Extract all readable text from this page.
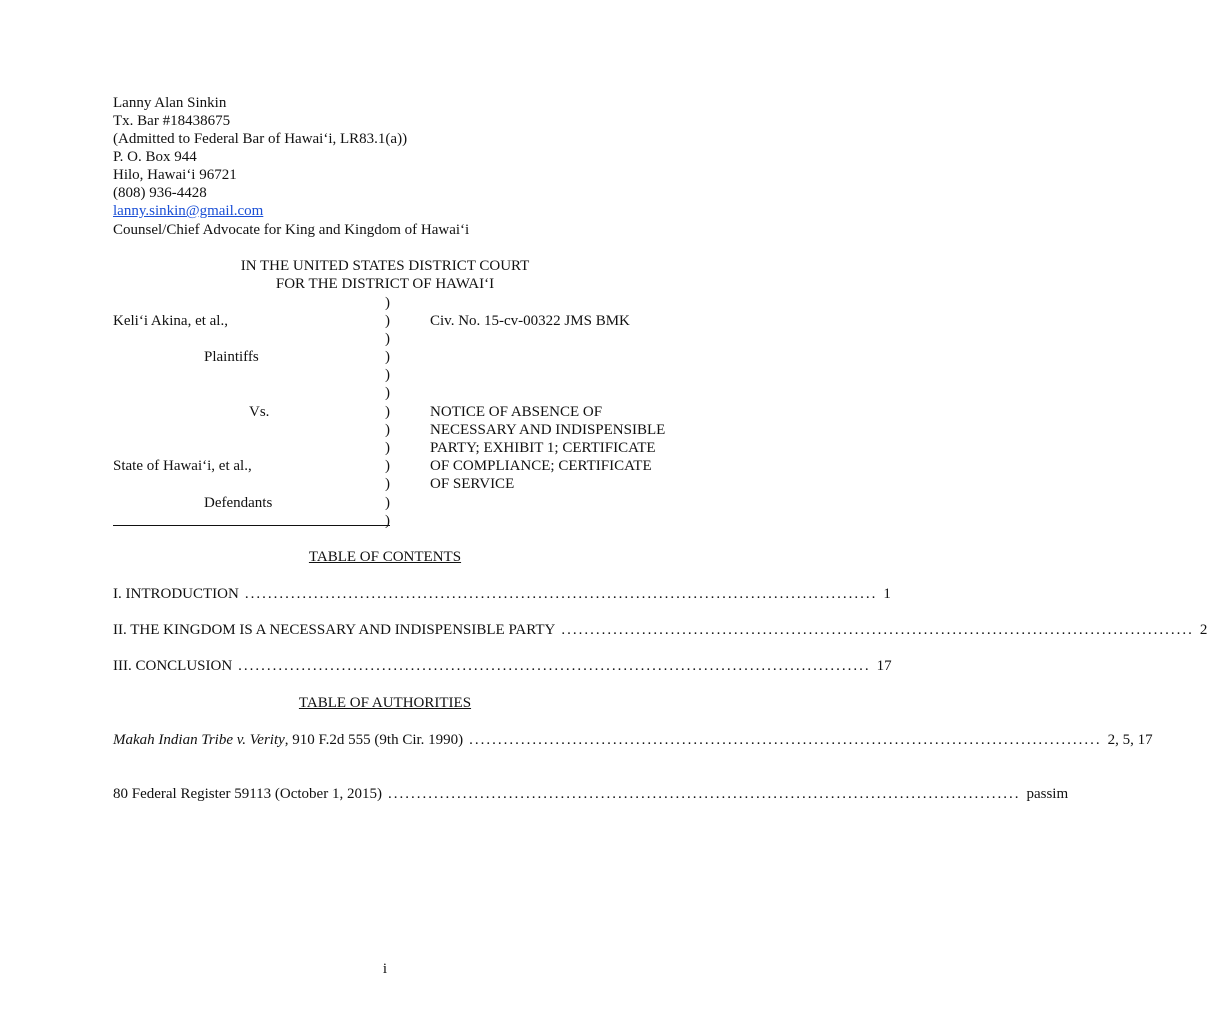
Lanny Alan Sinkin
Tx. Bar #18438675
(Admitted to Federal Bar of Hawai‘i, LR83.1(a))
P. O. Box 944
Hilo, Hawai‘i 96721
(808) 936-4428
lanny.sinkin@gmail.com
Counsel/Chief Advocate for King and Kingdom of Hawai‘i
IN THE UNITED STATES DISTRICT COURT
FOR THE DISTRICT OF HAWAI‘I
Keli‘i Akina, et al.,
Plaintiffs
Vs.
State of Hawai‘i, et al.,
Defendants
)
)
)
)
)
)
)
)
)
)
)
)
)
Civ. No. 15-cv-00322 JMS BMK
NOTICE OF ABSENCE OF
NECESSARY AND INDISPENSIBLE
PARTY; EXHIBIT 1; CERTIFICATE
OF COMPLIANCE; CERTIFICATE
OF SERVICE
TABLE OF CONTENTS
I. INTRODUCTION .............................................................................................................. 1
II. THE KINGDOM IS A NECESSARY AND INDISPENSIBLE PARTY .............................................................................................................. 2
III. CONCLUSION .............................................................................................................. 17
TABLE OF AUTHORITIES
Makah Indian Tribe v. Verity, 910 F.2d 555 (9th Cir. 1990) .............................................................................................................. 2, 5, 17
80 Federal Register 59113 (October 1, 2015) .............................................................................................................. passim
i
